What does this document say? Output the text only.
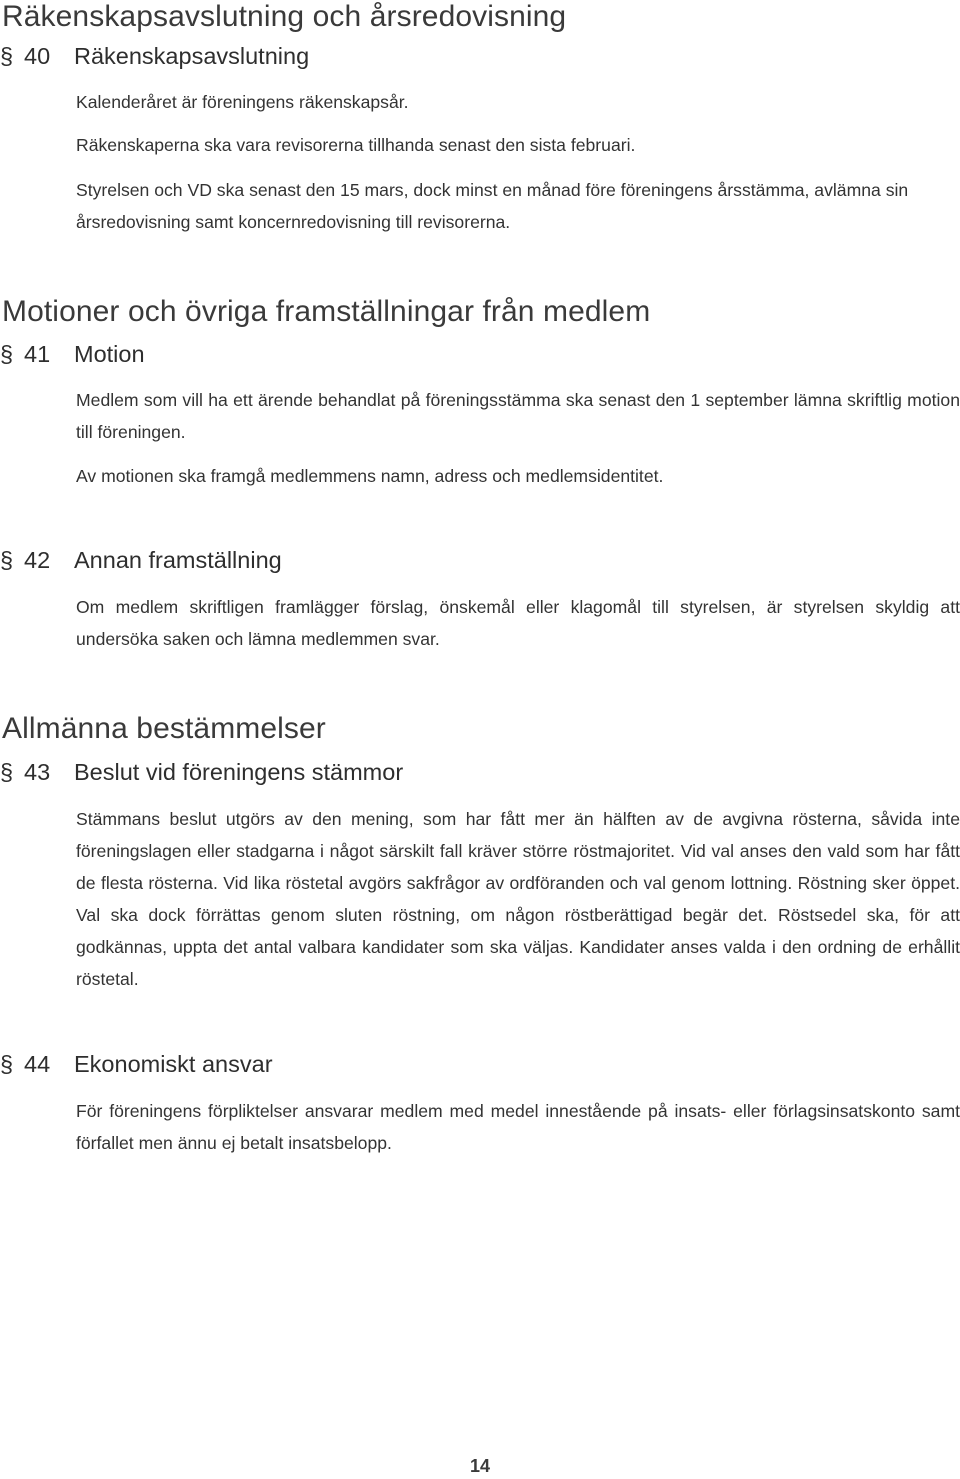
Räkenskapsavslutning och årsredovisning
§ 40 Räkenskapsavslutning

Kalenderåret är föreningens räkenskapsår.

Räkenskaperna ska vara revisorerna tillhanda senast den sista februari.

Styrelsen och VD ska senast den 15 mars, dock minst en månad före föreningens årsstämma, avlämna sin årsredovisning samt koncernredovisning till revisorerna.

Motioner och övriga framställningar från medlem
§ 41 Motion

Medlem som vill ha ett ärende behandlat på föreningsstämma ska senast den 1 september lämna skriftlig motion till föreningen.

Av motionen ska framgå medlemmens namn, adress och medlemsidentitet.

§ 42 Annan framställning

Om medlem skriftligen framlägger förslag, önskemål eller klagomål till styrelsen, är styrelsen skyldig att undersöka saken och lämna medlemmen svar.

Allmänna bestämmelser
§ 43 Beslut vid föreningens stämmor

Stämmans beslut utgörs av den mening, som har fått mer än hälften av de avgivna rösterna, såvida inte föreningslagen eller stadgarna i något särskilt fall kräver större röstmajoritet. Vid val anses den vald som har fått de flesta rösterna. Vid lika röstetal avgörs sakfrågor av ordföranden och val genom lottning. Röstning sker öppet. Val ska dock förrättas genom sluten röstning, om någon röstberättigad begär det. Röstsedel ska, för att godkännas, uppta det antal valbara kandidater som ska väljas. Kandidater anses valda i den ordning de erhållit röstetal.

§ 44 Ekonomiskt ansvar

För föreningens förpliktelser ansvarar medlem med medel innestående på insats- eller förlagsinsatskonto samt förfallet men ännu ej betalt insatsbelopp.

14
